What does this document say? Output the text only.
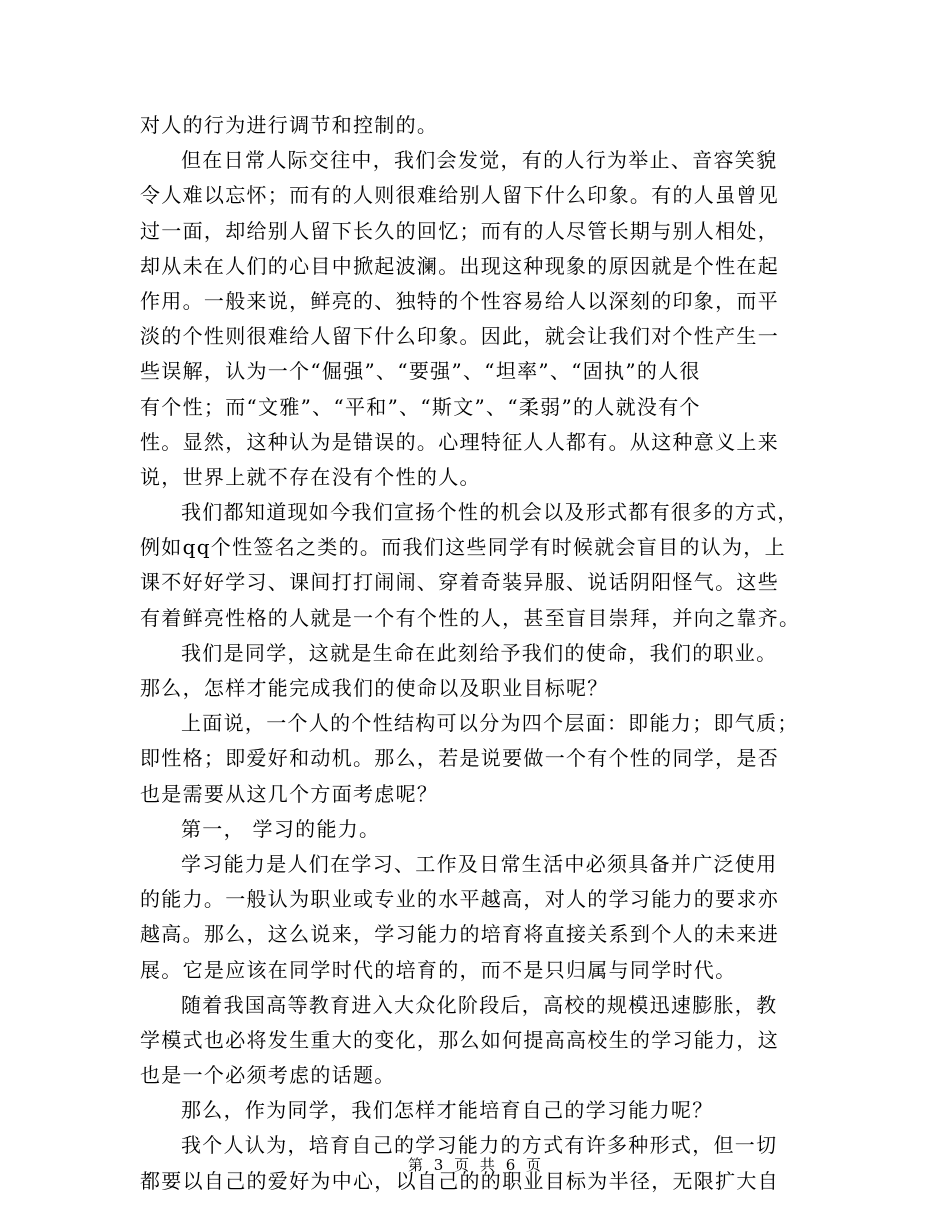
对人的行为进行调节和控制的。
但在日常人际交往中，我们会发觉，有的人行为举止、音容笑貌
令人难以忘怀；而有的人则很难给别人留下什么印象。有的人虽曾见
过一面，却给别人留下长久的回忆；而有的人尽管长期与别人相处，
却从未在人们的心目中掀起波澜。出现这种现象的原因就是个性在起
作用。一般来说，鲜亮的、独特的个性容易给人以深刻的印象，而平
淡的个性则很难给人留下什么印象。因此，就会让我们对个性产生一
些误解，认为一个“倔强”、“要强”、“坦率”、“固执”的人很
有个性；而“文雅”、“平和”、“斯文”、“柔弱”的人就没有个
性。显然，这种认为是错误的。心理特征人人都有。从这种意义上来
说，世界上就不存在没有个性的人。
我们都知道现如今我们宣扬个性的机会以及形式都有很多的方式，
例如qq个性签名之类的。而我们这些同学有时候就会盲目的认为，上
课不好好学习、课间打打闹闹、穿着奇装异服、说话阴阳怪气。这些
有着鲜亮性格的人就是一个有个性的人，甚至盲目崇拜，并向之靠齐。
我们是同学，这就是生命在此刻给予我们的使命，我们的职业。
那么，怎样才能完成我们的使命以及职业目标呢？
上面说，一个人的个性结构可以分为四个层面：即能力；即气质；
即性格；即爱好和动机。那么，若是说要做一个有个性的同学，是否
也是需要从这几个方面考虑呢？
第一， 学习的能力。
学习能力是人们在学习、工作及日常生活中必须具备并广泛使用
的能力。一般认为职业或专业的水平越高，对人的学习能力的要求亦
越高。那么，这么说来，学习能力的培育将直接关系到个人的未来进
展。它是应该在同学时代的培育的，而不是只归属与同学时代。
随着我国高等教育进入大众化阶段后，高校的规模迅速膨胀，教
学模式也必将发生重大的变化，那么如何提高高校生的学习能力，这
也是一个必须考虑的话题。
那么，作为同学，我们怎样才能培育自己的学习能力呢？
我个人认为，培育自己的学习能力的方式有许多种形式，但一切
都要以自己的爱好为中心，以自己的的职业目标为半径，无限扩大自
第 3 页 共 6 页
